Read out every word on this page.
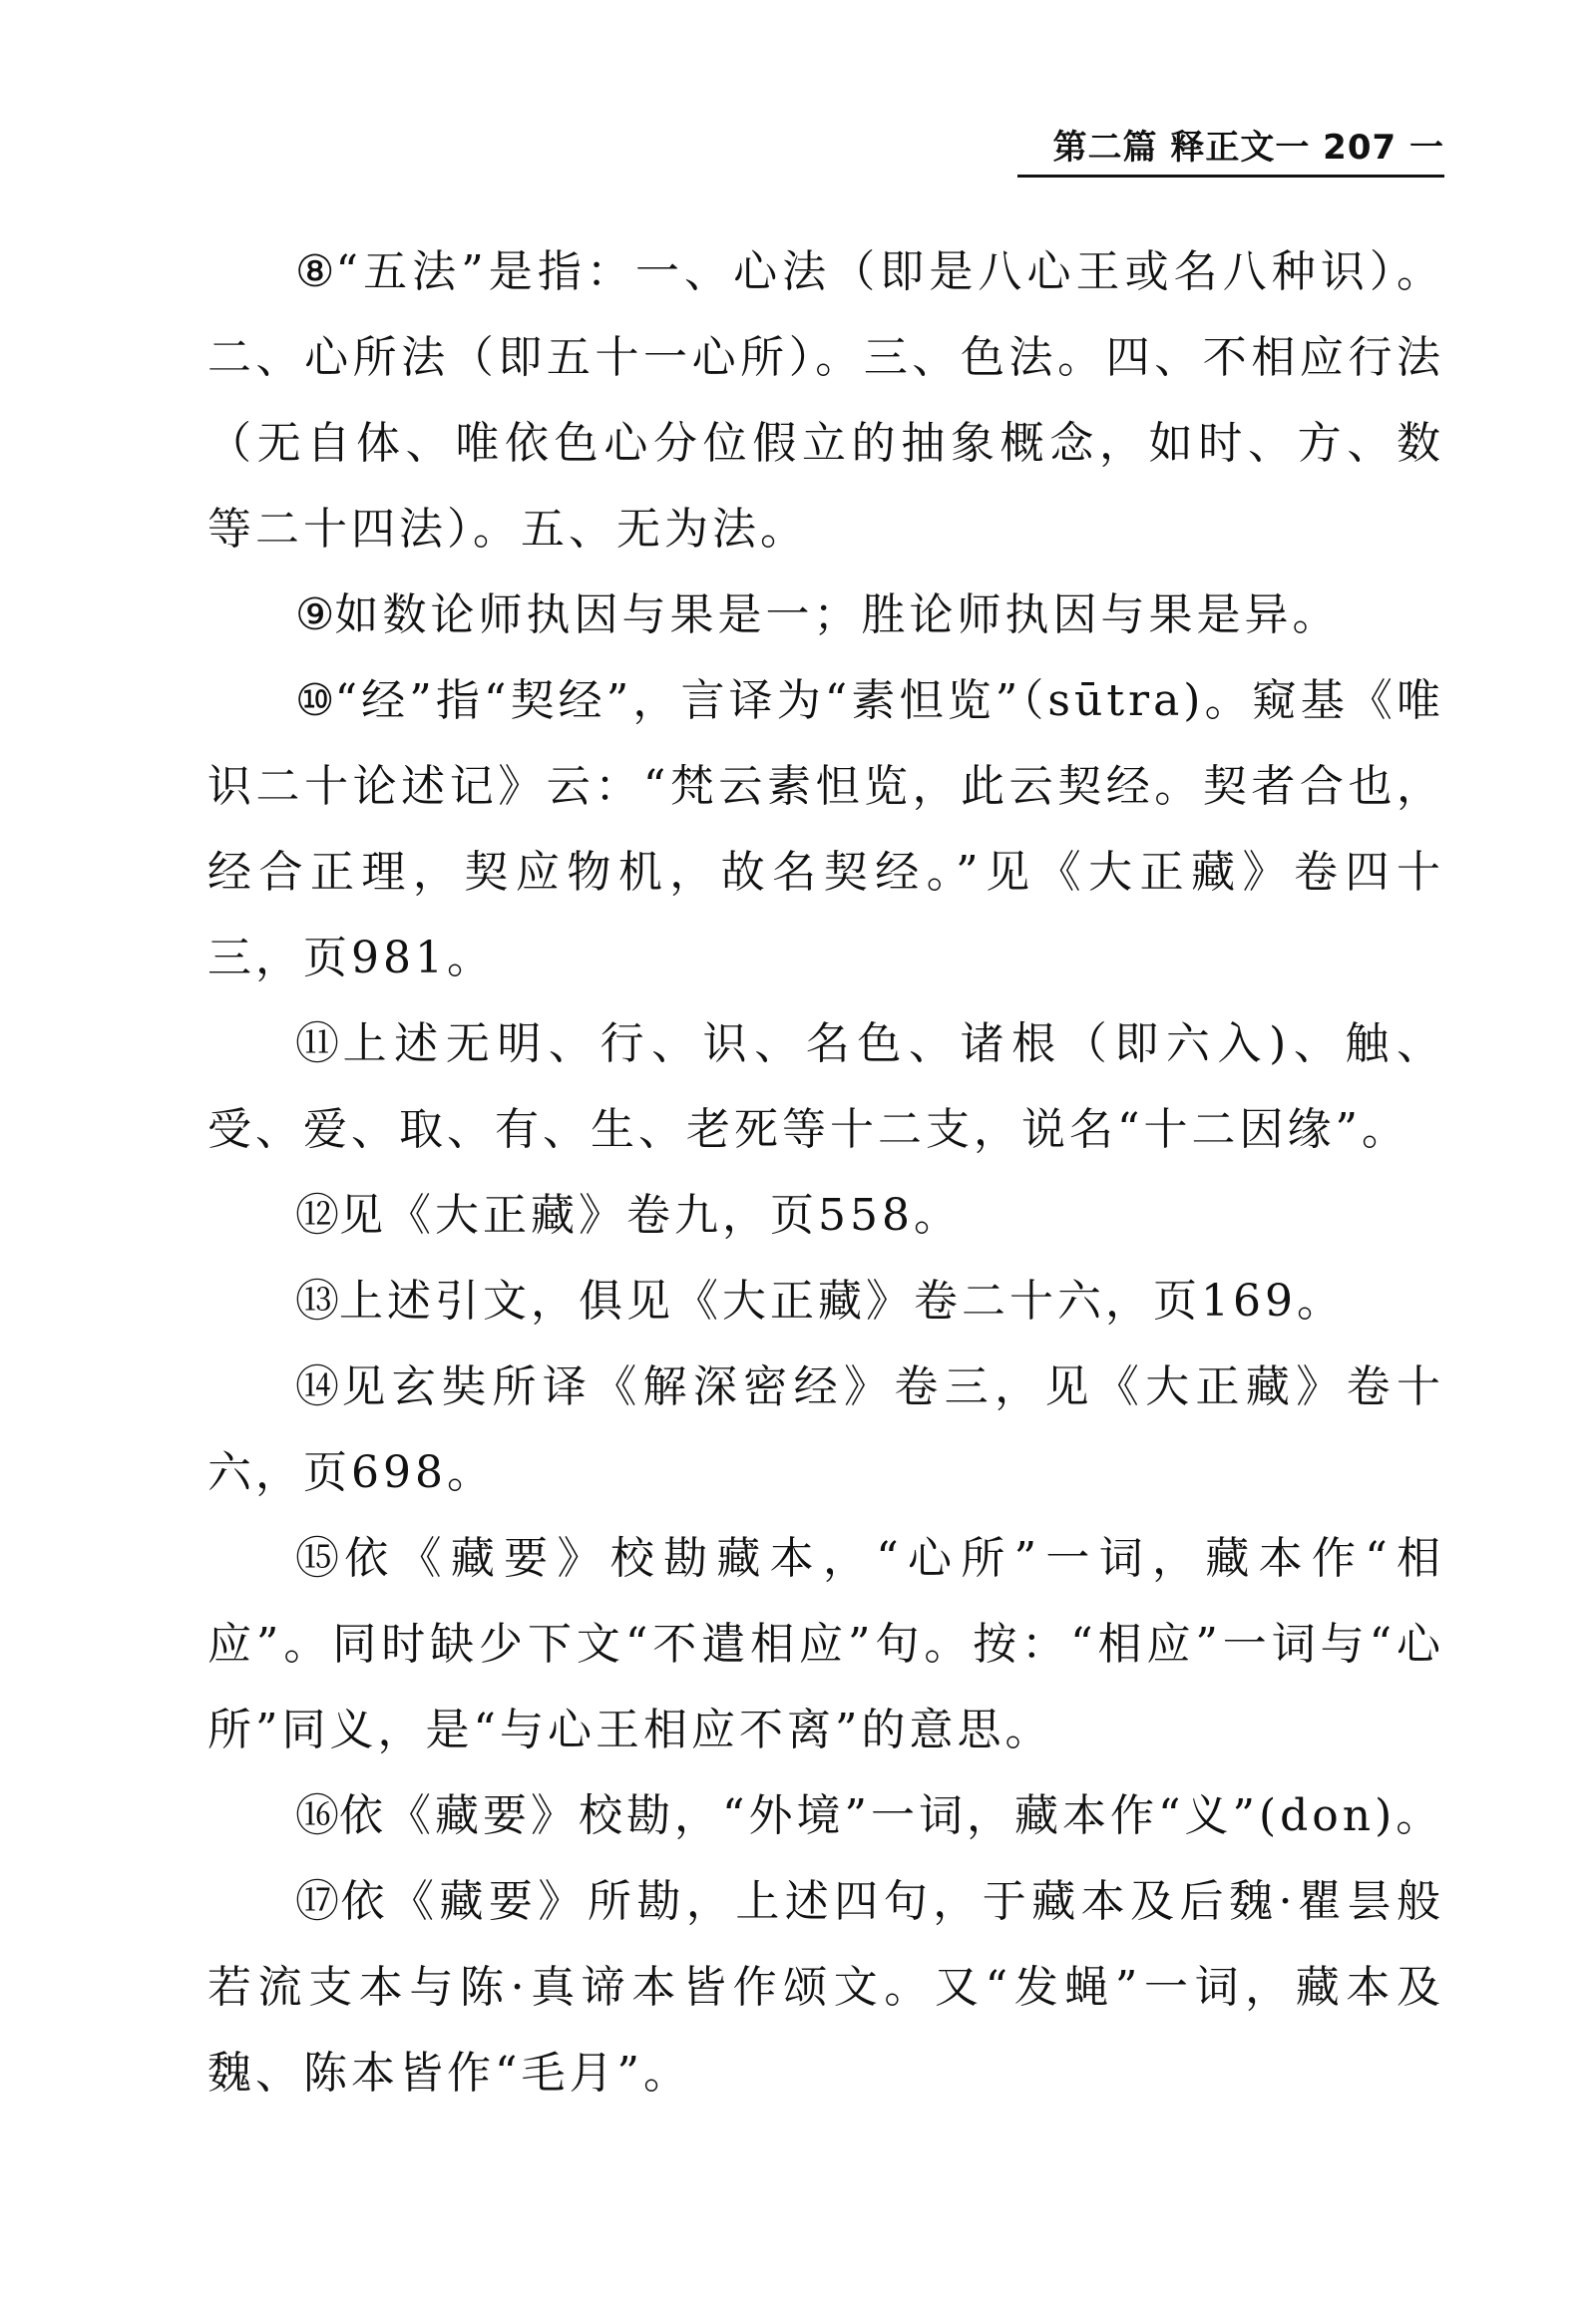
第二篇 释正文一 207 一

⑧“五法”是指：一、心法（即是八心王或名八种识）。二、心所法（即五十一心所）。三、色法。四、不相应行法（无自体、唯依色心分位假立的抽象概念，如时、方、数等二十四法）。五、无为法。

⑨如数论师执因与果是一；胜论师执因与果是异。

⑩“经”指“契经”，言译为“素怛览”（sūtra)。窥基《唯识二十论述记》云：“梵云素怛览，此云契经。契者合也，经合正理，契应物机，故名契经。”见《大正藏》卷四十三，页981。

⑪上述无明、行、识、名色、诸根（即六入)、触、受、爱、取、有、生、老死等十二支，说名“十二因缘”。

⑫见《大正藏》卷九，页558。

⑬上述引文，俱见《大正藏》卷二十六，页169。

⑭见玄奘所译《解深密经》卷三，见《大正藏》卷十六，页698。

⑮依《藏要》校勘藏本，“心所”一词，藏本作“相应”。同时缺少下文“不遣相应”句。按：“相应”一词与“心所”同义，是“与心王相应不离”的意思。

⑯依《藏要》校勘，“外境”一词，藏本作“义”(don)。

⑰依《藏要》所勘，上述四句，于藏本及后魏·瞿昙般若流支本与陈·真谛本皆作颂文。又“发蝇”一词，藏本及魏、陈本皆作“毛月”。
